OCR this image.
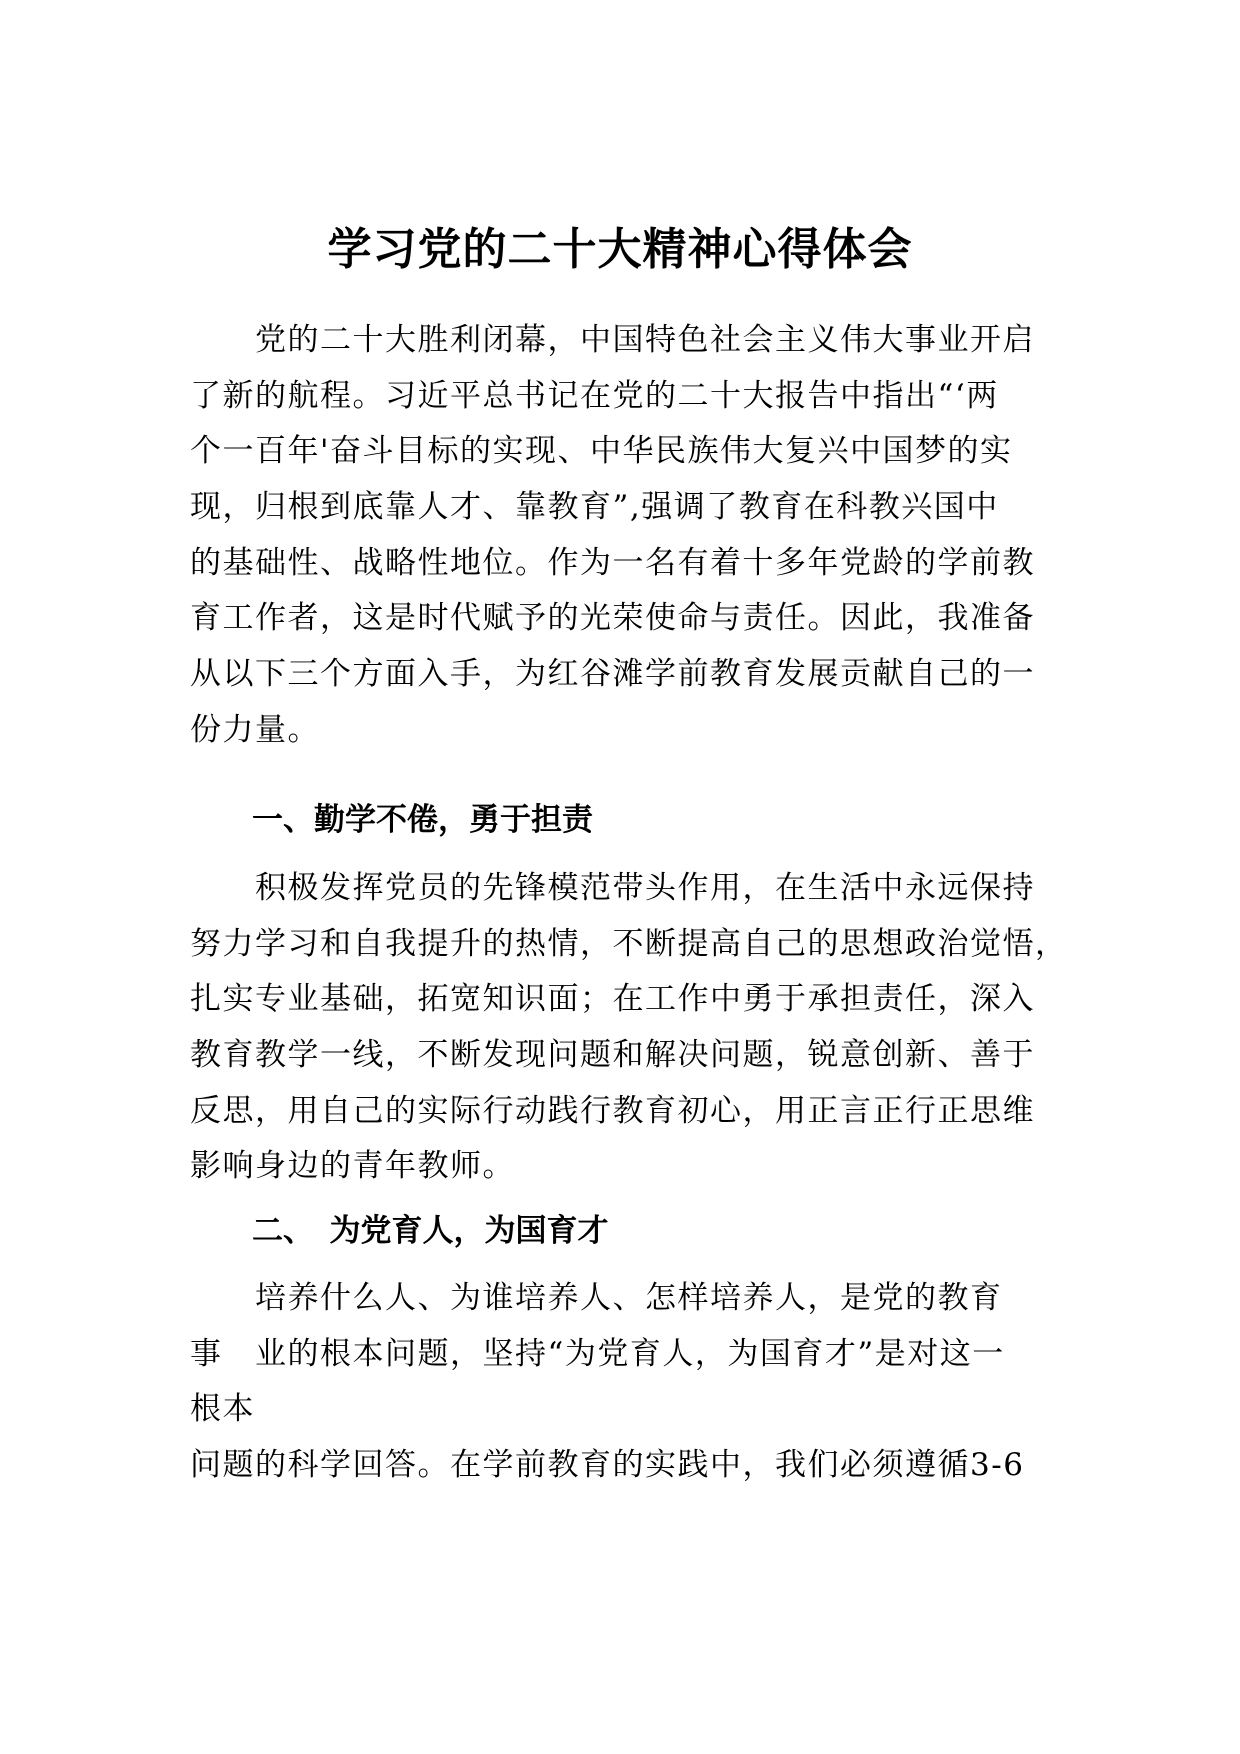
学习党的二十大精神心得体会
　　党的二十大胜利闭幕，中国特色社会主义伟大事业开启
了新的航程。习近平总书记在党的二十大报告中指出“‘两
个一百年'奋斗目标的实现、中华民族伟大复兴中国梦的实
现，归根到底靠人才、靠教育”,强调了教育在科教兴国中
的基础性、战略性地位。作为一名有着十多年党龄的学前教
育工作者，这是时代赋予的光荣使命与责任。因此，我准备
从以下三个方面入手，为红谷滩学前教育发展贡献自己的一
份力量。
一、勤学不倦，勇于担责
　　积极发挥党员的先锋模范带头作用，在生活中永远保持
努力学习和自我提升的热情，不断提高自己的思想政治觉悟，
扎实专业基础，拓宽知识面；在工作中勇于承担责任，深入
教育教学一线，不断发现问题和解决问题，锐意创新、善于
反思，用自己的实际行动践行教育初心，用正言正行正思维
影响身边的青年教师。
二、　为党育人，为国育才
　　培养什么人、为谁培养人、怎样培养人，是党的教育
事　业的根本问题，坚持“为党育人，为国育才”是对这一
根本
问题的科学回答。在学前教育的实践中，我们必须遵循3-6
